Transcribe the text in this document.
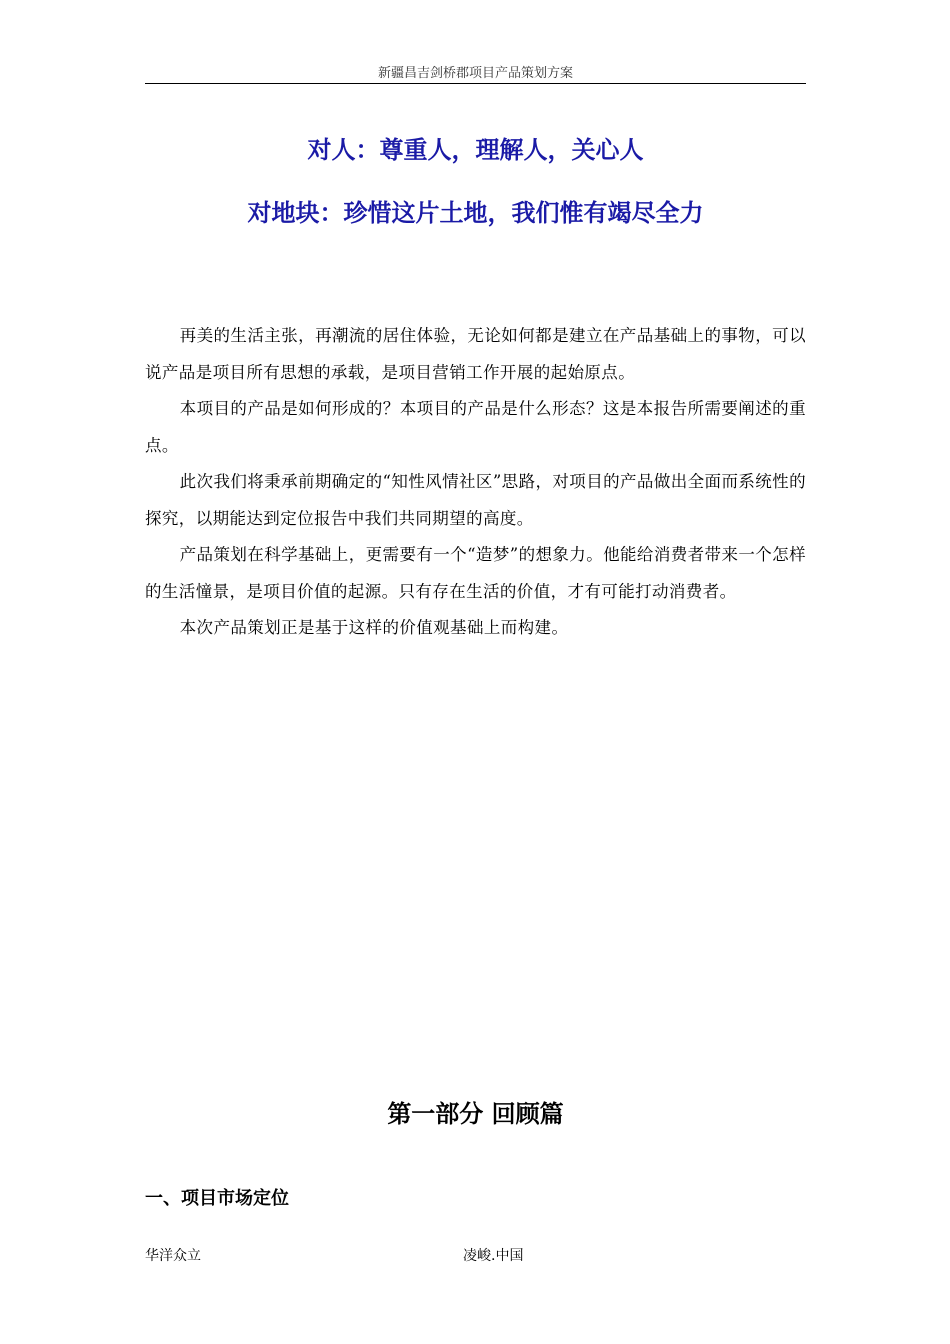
新疆昌吉剑桥郡项目产品策划方案
对人：尊重人，理解人，关心人
对地块：珍惜这片土地，我们惟有竭尽全力

再美的生活主张，再潮流的居住体验，无论如何都是建立在产品基础上的事物，可以说产品是项目所有思想的承载，是项目营销工作开展的起始原点。

本项目的产品是如何形成的？本项目的产品是什么形态？这是本报告所需要阐述的重点。

此次我们将秉承前期确定的“知性风情社区”思路，对项目的产品做出全面而系统性的探究，以期能达到定位报告中我们共同期望的高度。

产品策划在科学基础上，更需要有一个“造梦”的想象力。他能给消费者带来一个怎样的生活憧景，是项目价值的起源。只有存在生活的价值，才有可能打动消费者。

本次产品策划正是基于这样的价值观基础上而构建。

第一部分 回顾篇
一、项目市场定位
华洋众立	凌峻.中国
